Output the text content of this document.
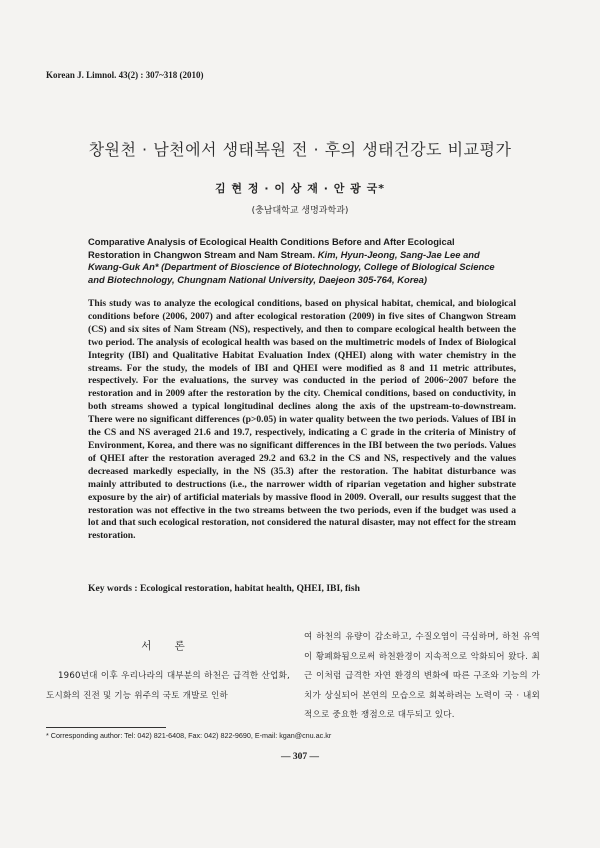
Korean J. Limnol. 43(2) : 307~318 (2010)
창원천 · 남천에서 생태복원 전 · 후의 생태건강도 비교평가
김 현 정 · 이 상 재 · 안 광 국*
(충남대학교 생명과학과)
Comparative Analysis of Ecological Health Conditions Before and After Ecological Restoration in Changwon Stream and Nam Stream. Kim, Hyun-Jeong, Sang-Jae Lee and Kwang-Guk An* (Department of Bioscience of Biotechnology, College of Biological Science and Biotechnology, Chungnam National University, Daejeon 305-764, Korea)
This study was to analyze the ecological conditions, based on physical habitat, chemical, and biological conditions before (2006, 2007) and after ecological restoration (2009) in five sites of Changwon Stream (CS) and six sites of Nam Stream (NS), respectively, and then to compare ecological health between the two period. The analysis of ecological health was based on the multimetric models of Index of Biological Integrity (IBI) and Qualitative Habitat Evaluation Index (QHEI) along with water chemistry in the streams. For the study, the models of IBI and QHEI were modified as 8 and 11 metric attributes, respectively. For the evaluations, the survey was conducted in the period of 2006~2007 before the restoration and in 2009 after the restoration by the city. Chemical conditions, based on conductivity, in both streams showed a typical longitudinal declines along the axis of the upstream-to-downstream. There were no significant differences (p>0.05) in water quality between the two periods. Values of IBI in the CS and NS averaged 21.6 and 19.7, respectively, indicating a C grade in the criteria of Ministry of Environment, Korea, and there was no significant differences in the IBI between the two periods. Values of QHEI after the restoration averaged 29.2 and 63.2 in the CS and NS, respectively and the values decreased markedly especially, in the NS (35.3) after the restoration. The habitat disturbance was mainly attributed to destructions (i.e., the narrower width of riparian vegetation and higher substrate exposure by the air) of artificial materials by massive flood in 2009. Overall, our results suggest that the restoration was not effective in the two streams between the two periods, even if the budget was used a lot and that such ecological restoration, not considered the natural disaster, may not effect for the stream restoration.
Key words : Ecological restoration, habitat health, QHEI, IBI, fish
서 론
1960년대 이후 우리나라의 대부분의 하천은 급격한 산업화, 도시화의 진전 및 기능 위주의 국토 개발로 인하
여 하천의 유량이 감소하고, 수질오염이 극심하며, 하천 유역이 황폐화됨으로써 하천환경이 지속적으로 악화되어 왔다. 최근 이처럼 급격한 자연 환경의 변화에 따른 구조와 기능의 가치가 상실되어 본연의 모습으로 회복하려는 노력이 국 · 내외적으로 중요한 쟁점으로 대두되고 있다.
* Corresponding author: Tel: 042) 821-6408, Fax: 042) 822-9690, E-mail: kgan@cnu.ac.kr
— 307 —
